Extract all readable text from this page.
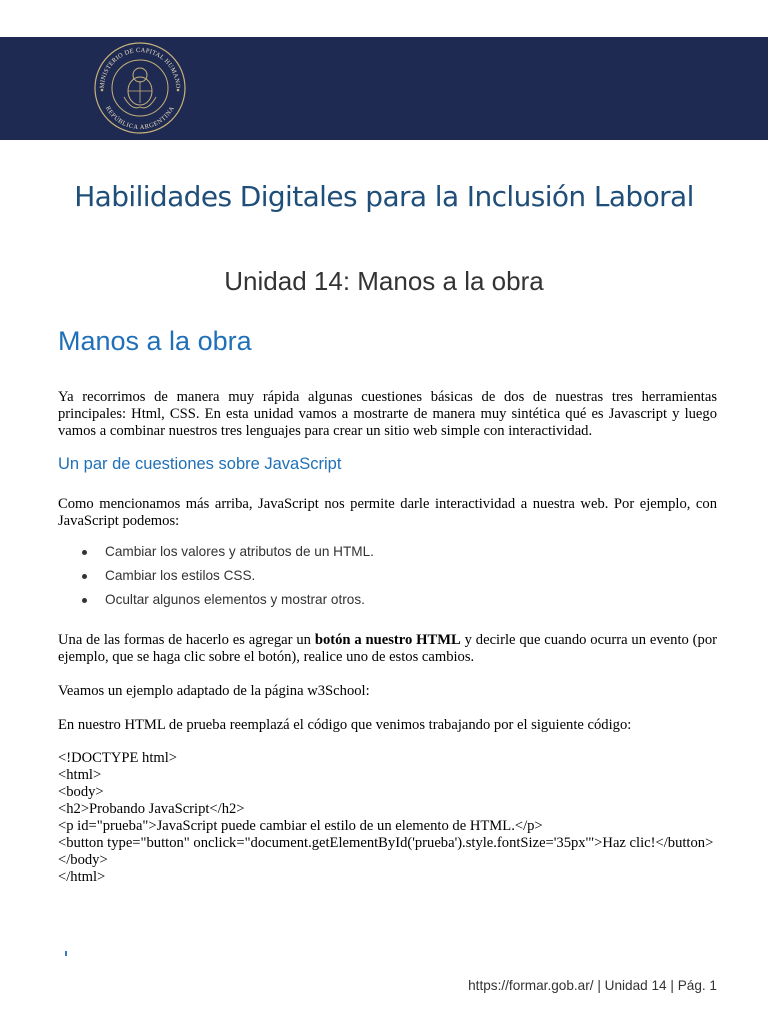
MINISTERIO DE CAPITAL HUMANO
REPÚBLICA ARGENTINA
Habilidades Digitales para la Inclusión Laboral
Unidad 14: Manos a la obra
Manos a la obra
Ya recorrimos de manera muy rápida algunas cuestiones básicas de dos de nuestras tres herramientas principales: Html, CSS. En esta unidad vamos a mostrarte de manera muy sintética qué es Javascript y luego vamos a combinar nuestros tres lenguajes para crear un sitio web simple con interactividad.
Un par de cuestiones sobre JavaScript
Como mencionamos más arriba, JavaScript nos permite darle interactividad a nuestra web. Por ejemplo, con JavaScript podemos:
Cambiar los valores y atributos de un HTML.
Cambiar los estilos CSS.
Ocultar algunos elementos y mostrar otros.
Una de las formas de hacerlo es agregar un botón a nuestro HTML y decirle que cuando ocurra un evento (por ejemplo, que se haga clic sobre el botón), realice uno de estos cambios.
Veamos un ejemplo adaptado de la página w3School:
En nuestro HTML de prueba reemplazá el código que venimos trabajando por el siguiente código:
<!DOCTYPE html>
<html>
<body>
<h2>Probando JavaScript</h2>
<p id="prueba">JavaScript puede cambiar el estilo de un elemento de HTML.</p>
<button type="button" onclick="document.getElementById('prueba').style.fontSize='35px'">Haz clic!</button>
</body>
</html>
https://formar.gob.ar/ | Unidad 14 | Pág. 1
